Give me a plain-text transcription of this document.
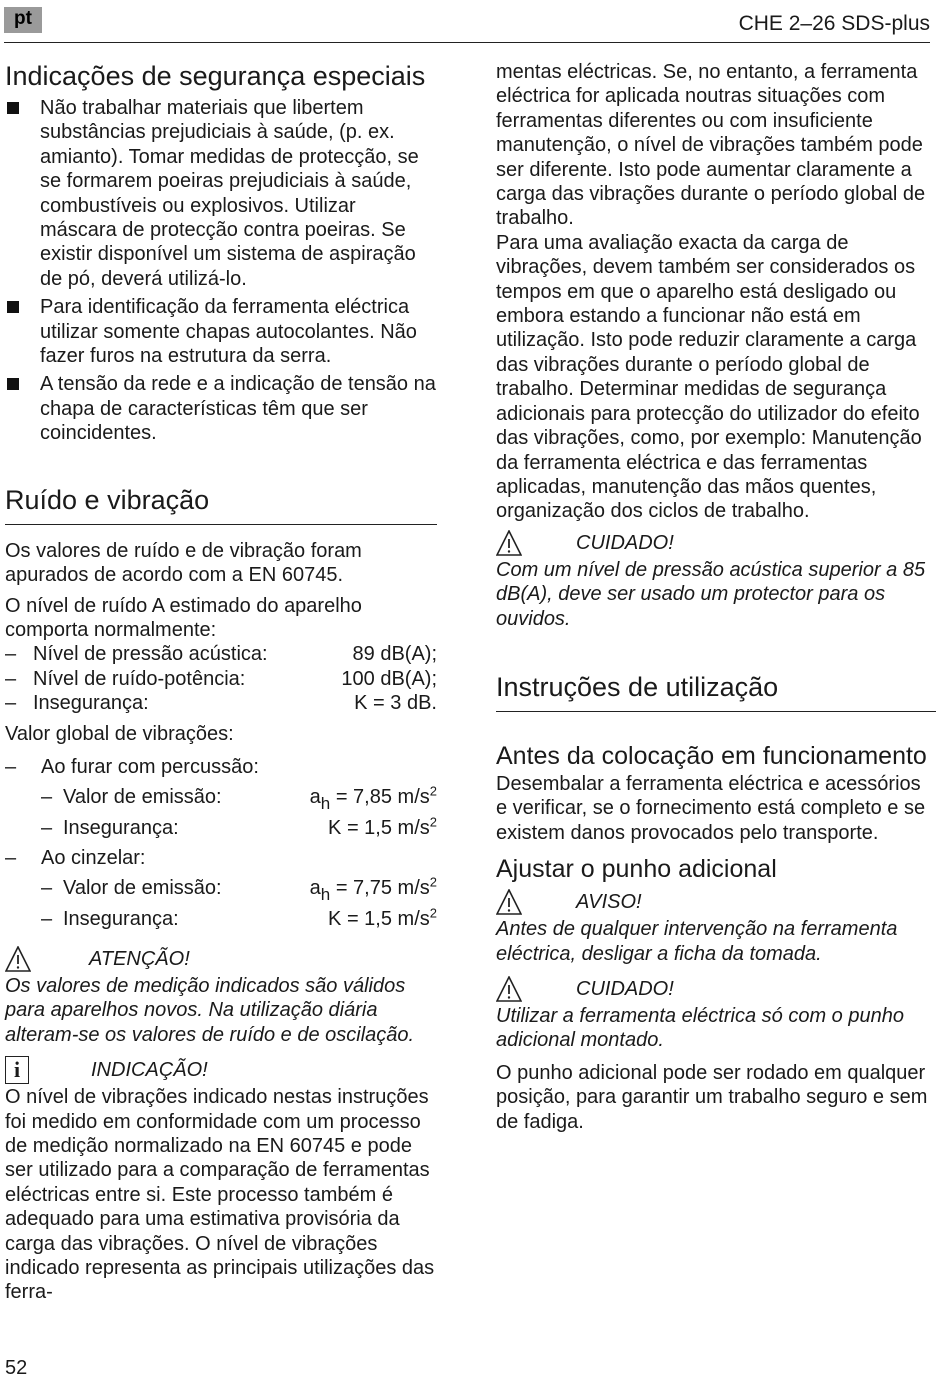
pt	CHE 2–26 SDS-plus
Indicações de segurança especiais
Não trabalhar materiais que libertem substâncias prejudiciais à saúde, (p. ex. amianto). Tomar medidas de protecção, se se formarem poeiras prejudiciais à saúde, combustíveis ou explosivos. Utilizar máscara de protecção contra poeiras. Se existir disponível um sistema de aspiração de pó, deverá utilizá-lo.
Para identificação da ferramenta eléctrica utilizar somente chapas autocolantes. Não fazer furos na estrutura da serra.
A tensão da rede e a indicação de tensão na chapa de características têm que ser coincidentes.
Ruído e vibração

Os valores de ruído e de vibração foram apurados de acordo com a EN 60745.

O nível de ruído A estimado do aparelho comporta normalmente:

– Nível de pressão acústica:	89 dB(A);
– Nível de ruído-potência:	100 dB(A);
– Insegurança:	K = 3 dB.

Valor global de vibrações:

– Ao furar com percussão:
– Valor de emissão:	$a_h = 7,85$ $m/s^2$
– Insegurança:	K = 1,5 $m/s^2$
– Ao cinzelar:
– Valor de emissão:	$a_h = 7,75$ $m/s^2$
– Insegurança:	K = 1,5 $m/s^2$
ATENÇÃO!

Os valores de medição indicados são válidos para aparelhos novos. Na utilização diária alteram-se os valores de ruído e de oscilação.

i	INDICAÇÃO!

O nível de vibrações indicado nestas instruções foi medido em conformidade com um processo de medição normalizado na EN 60745 e pode ser utilizado para a comparação de ferramentas eléctricas entre si. Este processo também é adequado para uma estimativa provisória da carga das vibrações. O nível de vibrações indicado representa as principais utilizações das ferra-

mentas eléctricas. Se, no entanto, a ferramenta eléctrica for aplicada noutras situações com ferramentas diferentes ou com insuficiente manutenção, o nível de vibrações também pode ser diferente. Isto pode aumentar claramente a carga das vibrações durante o período global de trabalho.

Para uma avaliação exacta da carga de vibrações, devem também ser considerados os tempos em que o aparelho está desligado ou embora estando a funcionar não está em utilização. Isto pode reduzir claramente a carga das vibrações durante o período global de trabalho. Determinar medidas de segurança adicionais para protecção do utilizador do efeito das vibrações, como, por exemplo: Manutenção da ferramenta eléctrica e das ferramentas aplicadas, manutenção das mãos quentes, organização dos ciclos de trabalho.

CUIDADO!

Com um nível de pressão acústica superior a 85 dB(A), deve ser usado um protector para os ouvidos.

Instruções de utilização
Antes da colocação em funcionamento

Desembalar a ferramenta eléctrica e acessórios e verificar, se o fornecimento está completo e se existem danos provocados pelo transporte.

Ajustar o punho adicional
AVISO!

Antes de qualquer intervenção na ferramenta eléctrica, desligar a ficha da tomada.

CUIDADO!

Utilizar a ferramenta eléctrica só com o punho adicional montado.

O punho adicional pode ser rodado em qualquer posição, para garantir um trabalho seguro e sem de fadiga.

52
